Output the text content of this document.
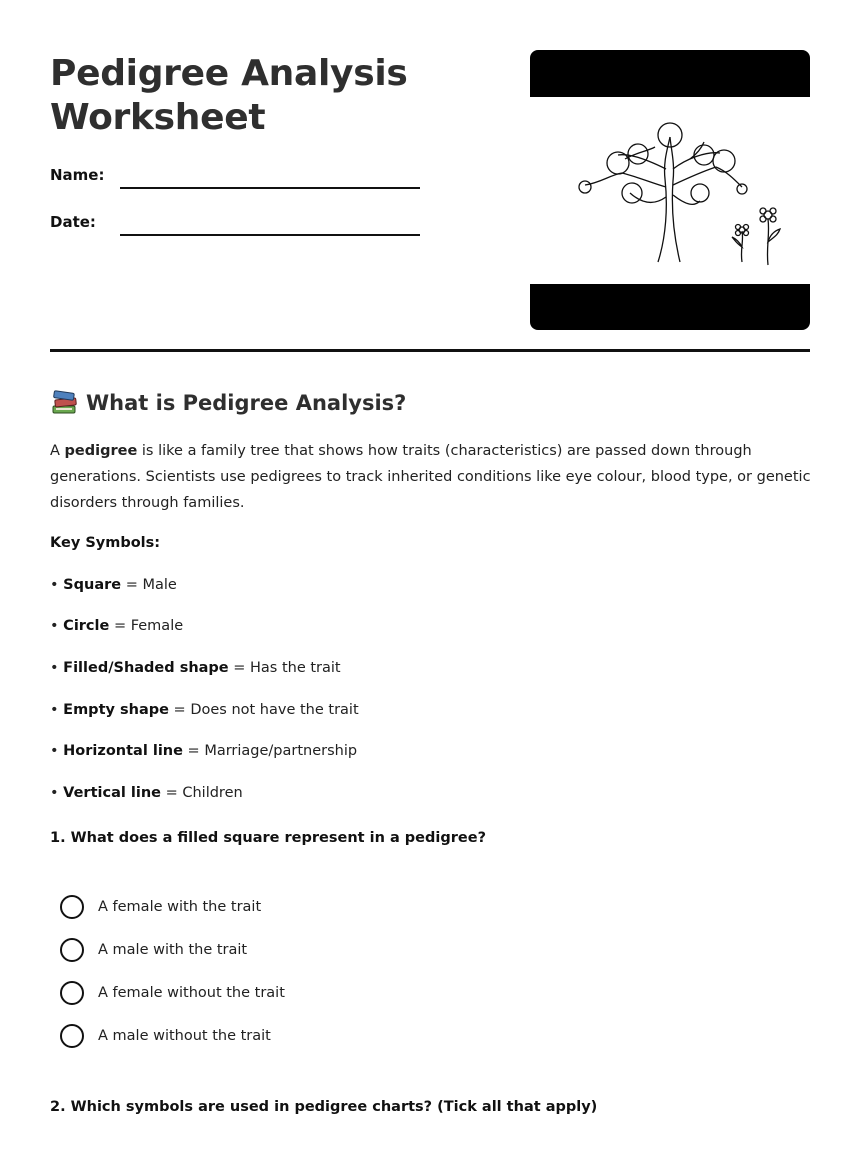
Pedigree Analysis Worksheet
Name:
Date:
What is Pedigree Analysis?

A pedigree is like a family tree that shows how traits (characteristics) are passed down through generations. Scientists use pedigrees to track inherited conditions like eye colour, blood type, or genetic disorders through families.

Key Symbols:
• Square = Male
• Circle = Female
• Filled/Shaded shape = Has the trait
• Empty shape = Does not have the trait
• Horizontal line = Marriage/partnership
• Vertical line = Children
1. What does a filled square represent in a pedigree?
A female with the trait
A male with the trait
A female without the trait
A male without the trait
2. Which symbols are used in pedigree charts? (Tick all that apply)
